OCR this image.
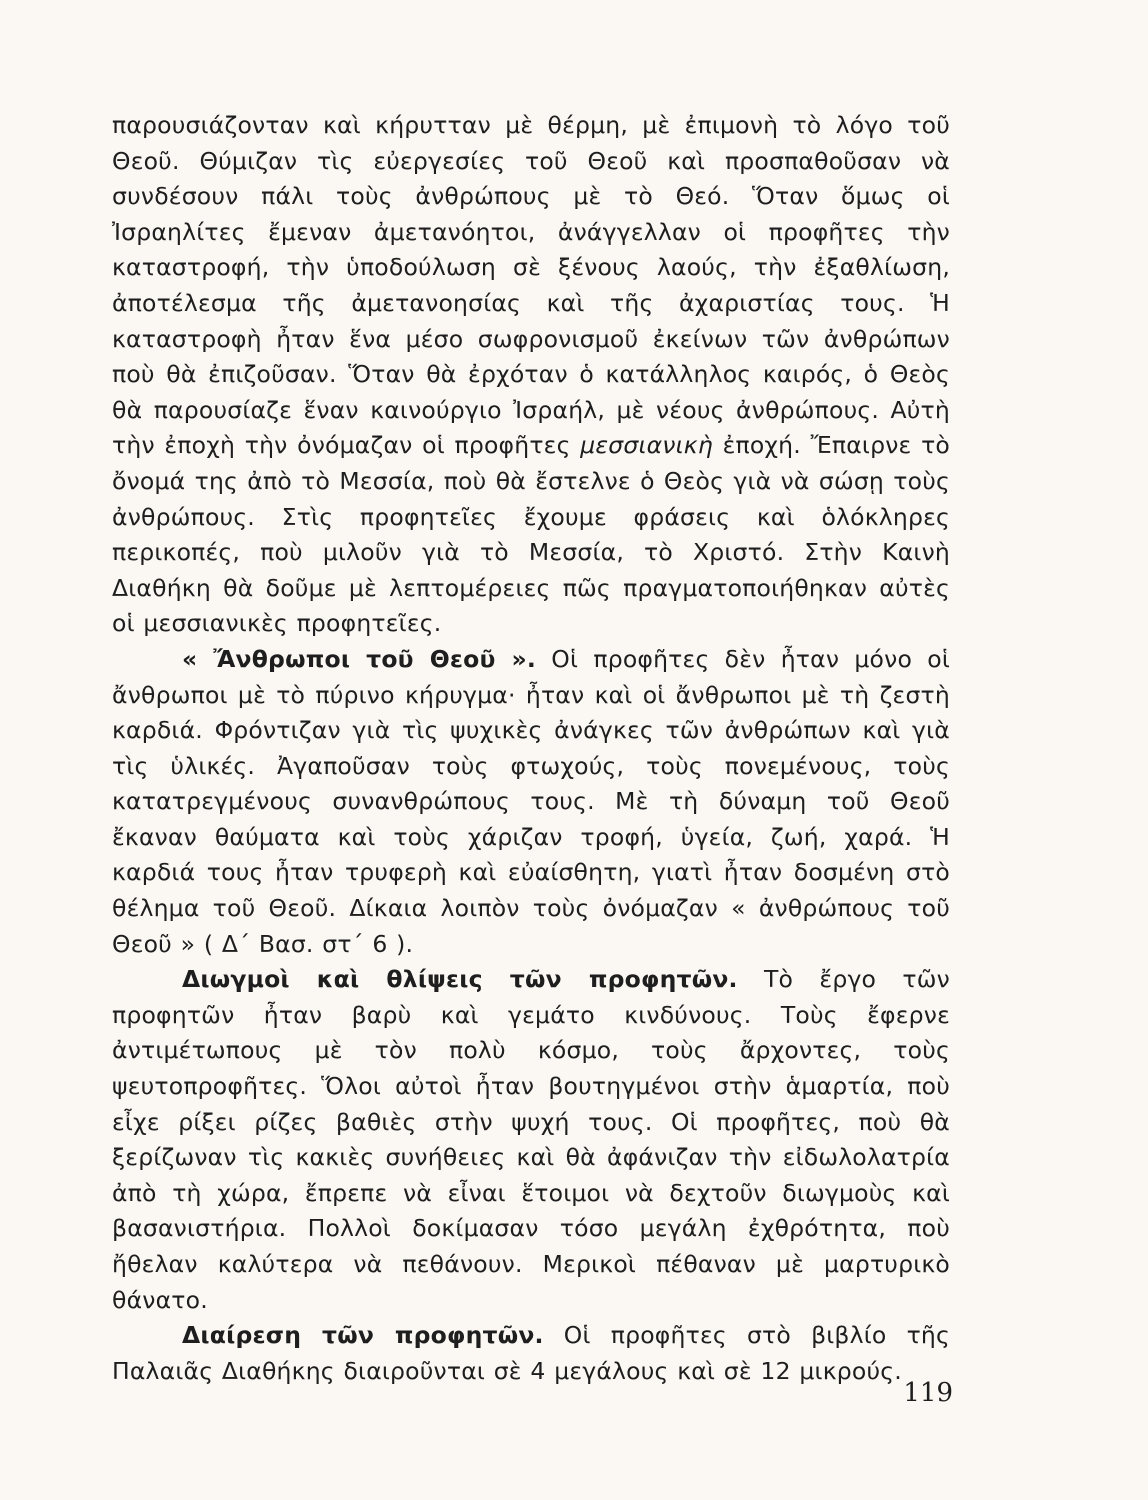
παρουσιάζονταν καὶ κήρυτταν μὲ θέρμη, μὲ ἐπιμονὴ τὸ λόγο τοῦ Θεοῦ. Θύμιζαν τὶς εὐεργεσίες τοῦ Θεοῦ καὶ προσπαθοῦσαν νὰ συνδέσουν πάλι τοὺς ἀνθρώπους μὲ τὸ Θεό. Ὅταν ὅμως οἱ Ἰσραηλίτες ἔμεναν ἀμετανόητοι, ἀνάγγελλαν οἱ προφῆτες τὴν καταστροφή, τὴν ὑποδούλωση σὲ ξένους λαούς, τὴν ἐξαθλίωση, ἀποτέλεσμα τῆς ἀμετανοησίας καὶ τῆς ἀχαριστίας τους. Ἡ καταστροφὴ ἦταν ἕνα μέσο σωφρονισμοῦ ἐκείνων τῶν ἀνθρώπων ποὺ θὰ ἐπιζοῦσαν. Ὅταν θὰ ἐρχόταν ὁ κατάλληλος καιρός, ὁ Θεὸς θὰ παρουσίαζε ἕναν καινούργιο Ἰσραήλ, μὲ νέους ἀνθρώπους. Αὐτὴ τὴν ἐποχὴ τὴν ὀνόμαζαν οἱ προφῆτες μεσσιανικὴ ἐποχή. Ἔπαιρνε τὸ ὄνομά της ἀπὸ τὸ Μεσσία, ποὺ θὰ ἔστελνε ὁ Θεὸς γιὰ νὰ σώσῃ τοὺς ἀνθρώπους. Στὶς προφητεῖες ἔχουμε φράσεις καὶ ὁλόκληρες περικοπές, ποὺ μιλοῦν γιὰ τὸ Μεσσία, τὸ Χριστό. Στὴν Καινὴ Διαθήκη θὰ δοῦμε μὲ λεπτομέρειες πῶς πραγματοποιήθηκαν αὐτὲς οἱ μεσσιανικὲς προφητεῖες.

« Ἄνθρωποι τοῦ Θεοῦ ». Οἱ προφῆτες δὲν ἦταν μόνο οἱ ἄνθρωποι μὲ τὸ πύρινο κήρυγμα· ἦταν καὶ οἱ ἄνθρωποι μὲ τὴ ζεστὴ καρδιά. Φρόντιζαν γιὰ τὶς ψυχικὲς ἀνάγκες τῶν ἀνθρώπων καὶ γιὰ τὶς ὑλικές. Ἀγαποῦσαν τοὺς φτωχούς, τοὺς πονεμένους, τοὺς κατατρεγμένους συνανθρώπους τους. Μὲ τὴ δύναμη τοῦ Θεοῦ ἔκαναν θαύματα καὶ τοὺς χάριζαν τροφή, ὑγεία, ζωή, χαρά. Ἡ καρδιά τους ἦταν τρυφερὴ καὶ εὐαίσθητη, γιατὶ ἦταν δοσμένη στὸ θέλημα τοῦ Θεοῦ. Δίκαια λοιπὸν τοὺς ὀνόμαζαν « ἀνθρώπους τοῦ Θεοῦ » ( Δ΄ Βασ. στ΄ 6 ).

Διωγμοὶ καὶ θλίψεις τῶν προφητῶν. Τὸ ἔργο τῶν προφητῶν ἦταν βαρὺ καὶ γεμάτο κινδύνους. Τοὺς ἔφερνε ἀντιμέτωπους μὲ τὸν πολὺ κόσμο, τοὺς ἄρχοντες, τοὺς ψευτοπροφῆτες. Ὅλοι αὐτοὶ ἦταν βουτηγμένοι στὴν ἁμαρτία, ποὺ εἶχε ρίξει ρίζες βαθιὲς στὴν ψυχή τους. Οἱ προφῆτες, ποὺ θὰ ξερίζωναν τὶς κακιὲς συνήθειες καὶ θὰ ἀφάνιζαν τὴν εἰδωλολατρία ἀπὸ τὴ χώρα, ἔπρεπε νὰ εἶναι ἕτοιμοι νὰ δεχτοῦν διωγμοὺς καὶ βασανιστήρια. Πολλοὶ δοκίμασαν τόσο μεγάλη ἐχθρότητα, ποὺ ἤθελαν καλύτερα νὰ πεθάνουν. Μερικοὶ πέθαναν μὲ μαρτυρικὸ θάνατο.

Διαίρεση τῶν προφητῶν. Οἱ προφῆτες στὸ βιβλίο τῆς Παλαιᾶς Διαθήκης διαιροῦνται σὲ 4 μεγάλους καὶ σὲ 12 μικρούς.

119
